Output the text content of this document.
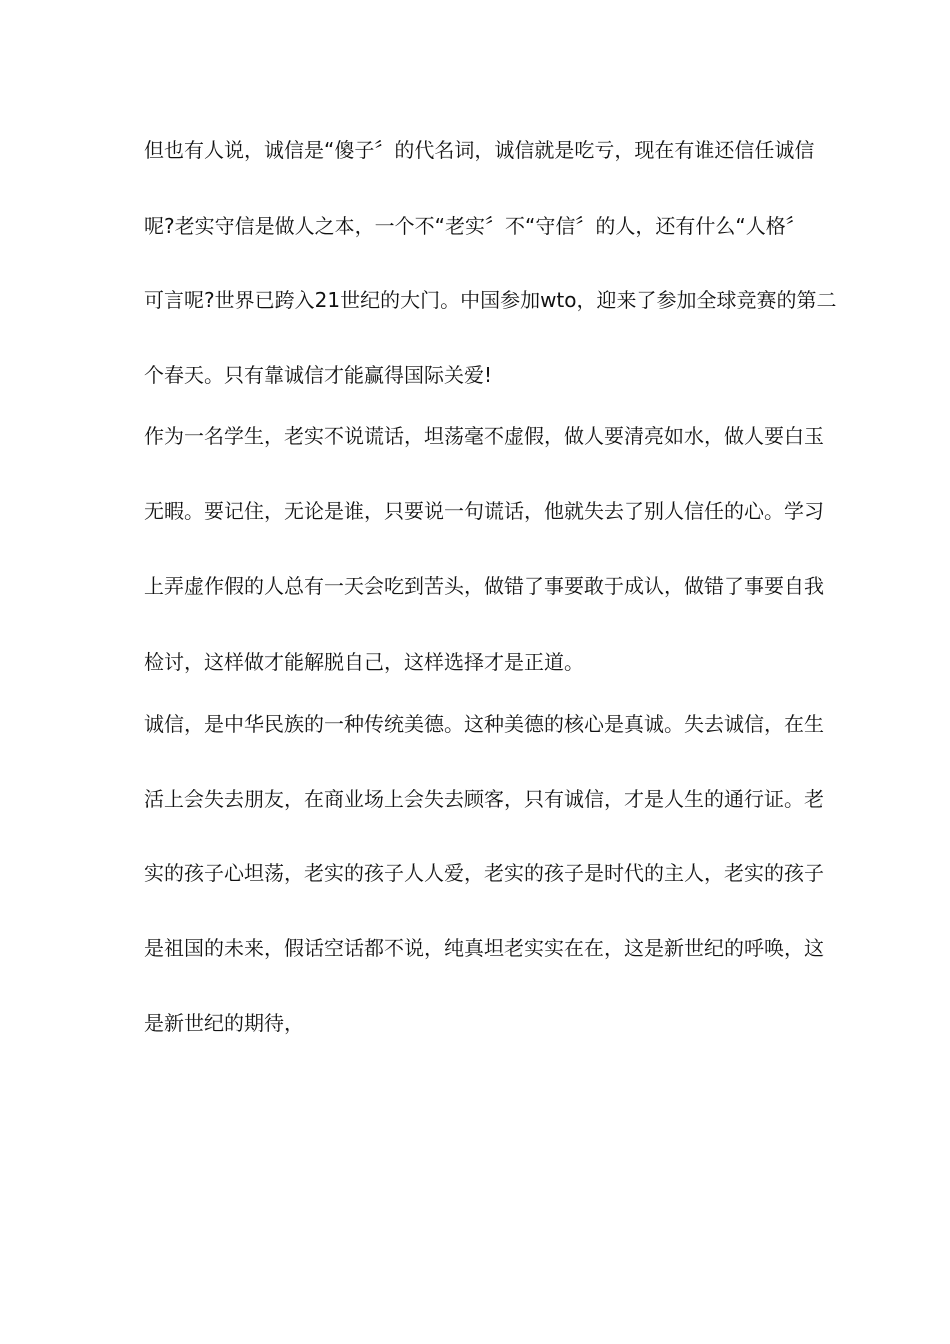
但也有人说，诚信是“傻子〞的代名词，诚信就是吃亏，现在有谁还信任诚信
呢?老实守信是做人之本，一个不“老实〞不“守信〞的人，还有什么“人格〞
可言呢?世界已跨入21世纪的大门。中国参加wto，迎来了参加全球竞赛的第二
个春天。只有靠诚信才能赢得国际关爱!
作为一名学生，老实不说谎话，坦荡毫不虚假，做人要清亮如水，做人要白玉
无暇。要记住，无论是谁，只要说一句谎话，他就失去了别人信任的心。学习
上弄虚作假的人总有一天会吃到苦头，做错了事要敢于成认，做错了事要自我
检讨，这样做才能解脱自己，这样选择才是正道。
诚信，是中华民族的一种传统美德。这种美德的核心是真诚。失去诚信，在生
活上会失去朋友，在商业场上会失去顾客，只有诚信，才是人生的通行证。老
实的孩子心坦荡，老实的孩子人人爱，老实的孩子是时代的主人，老实的孩子
是祖国的未来，假话空话都不说，纯真坦老实实在在，这是新世纪的呼唤，这
是新世纪的期待，
